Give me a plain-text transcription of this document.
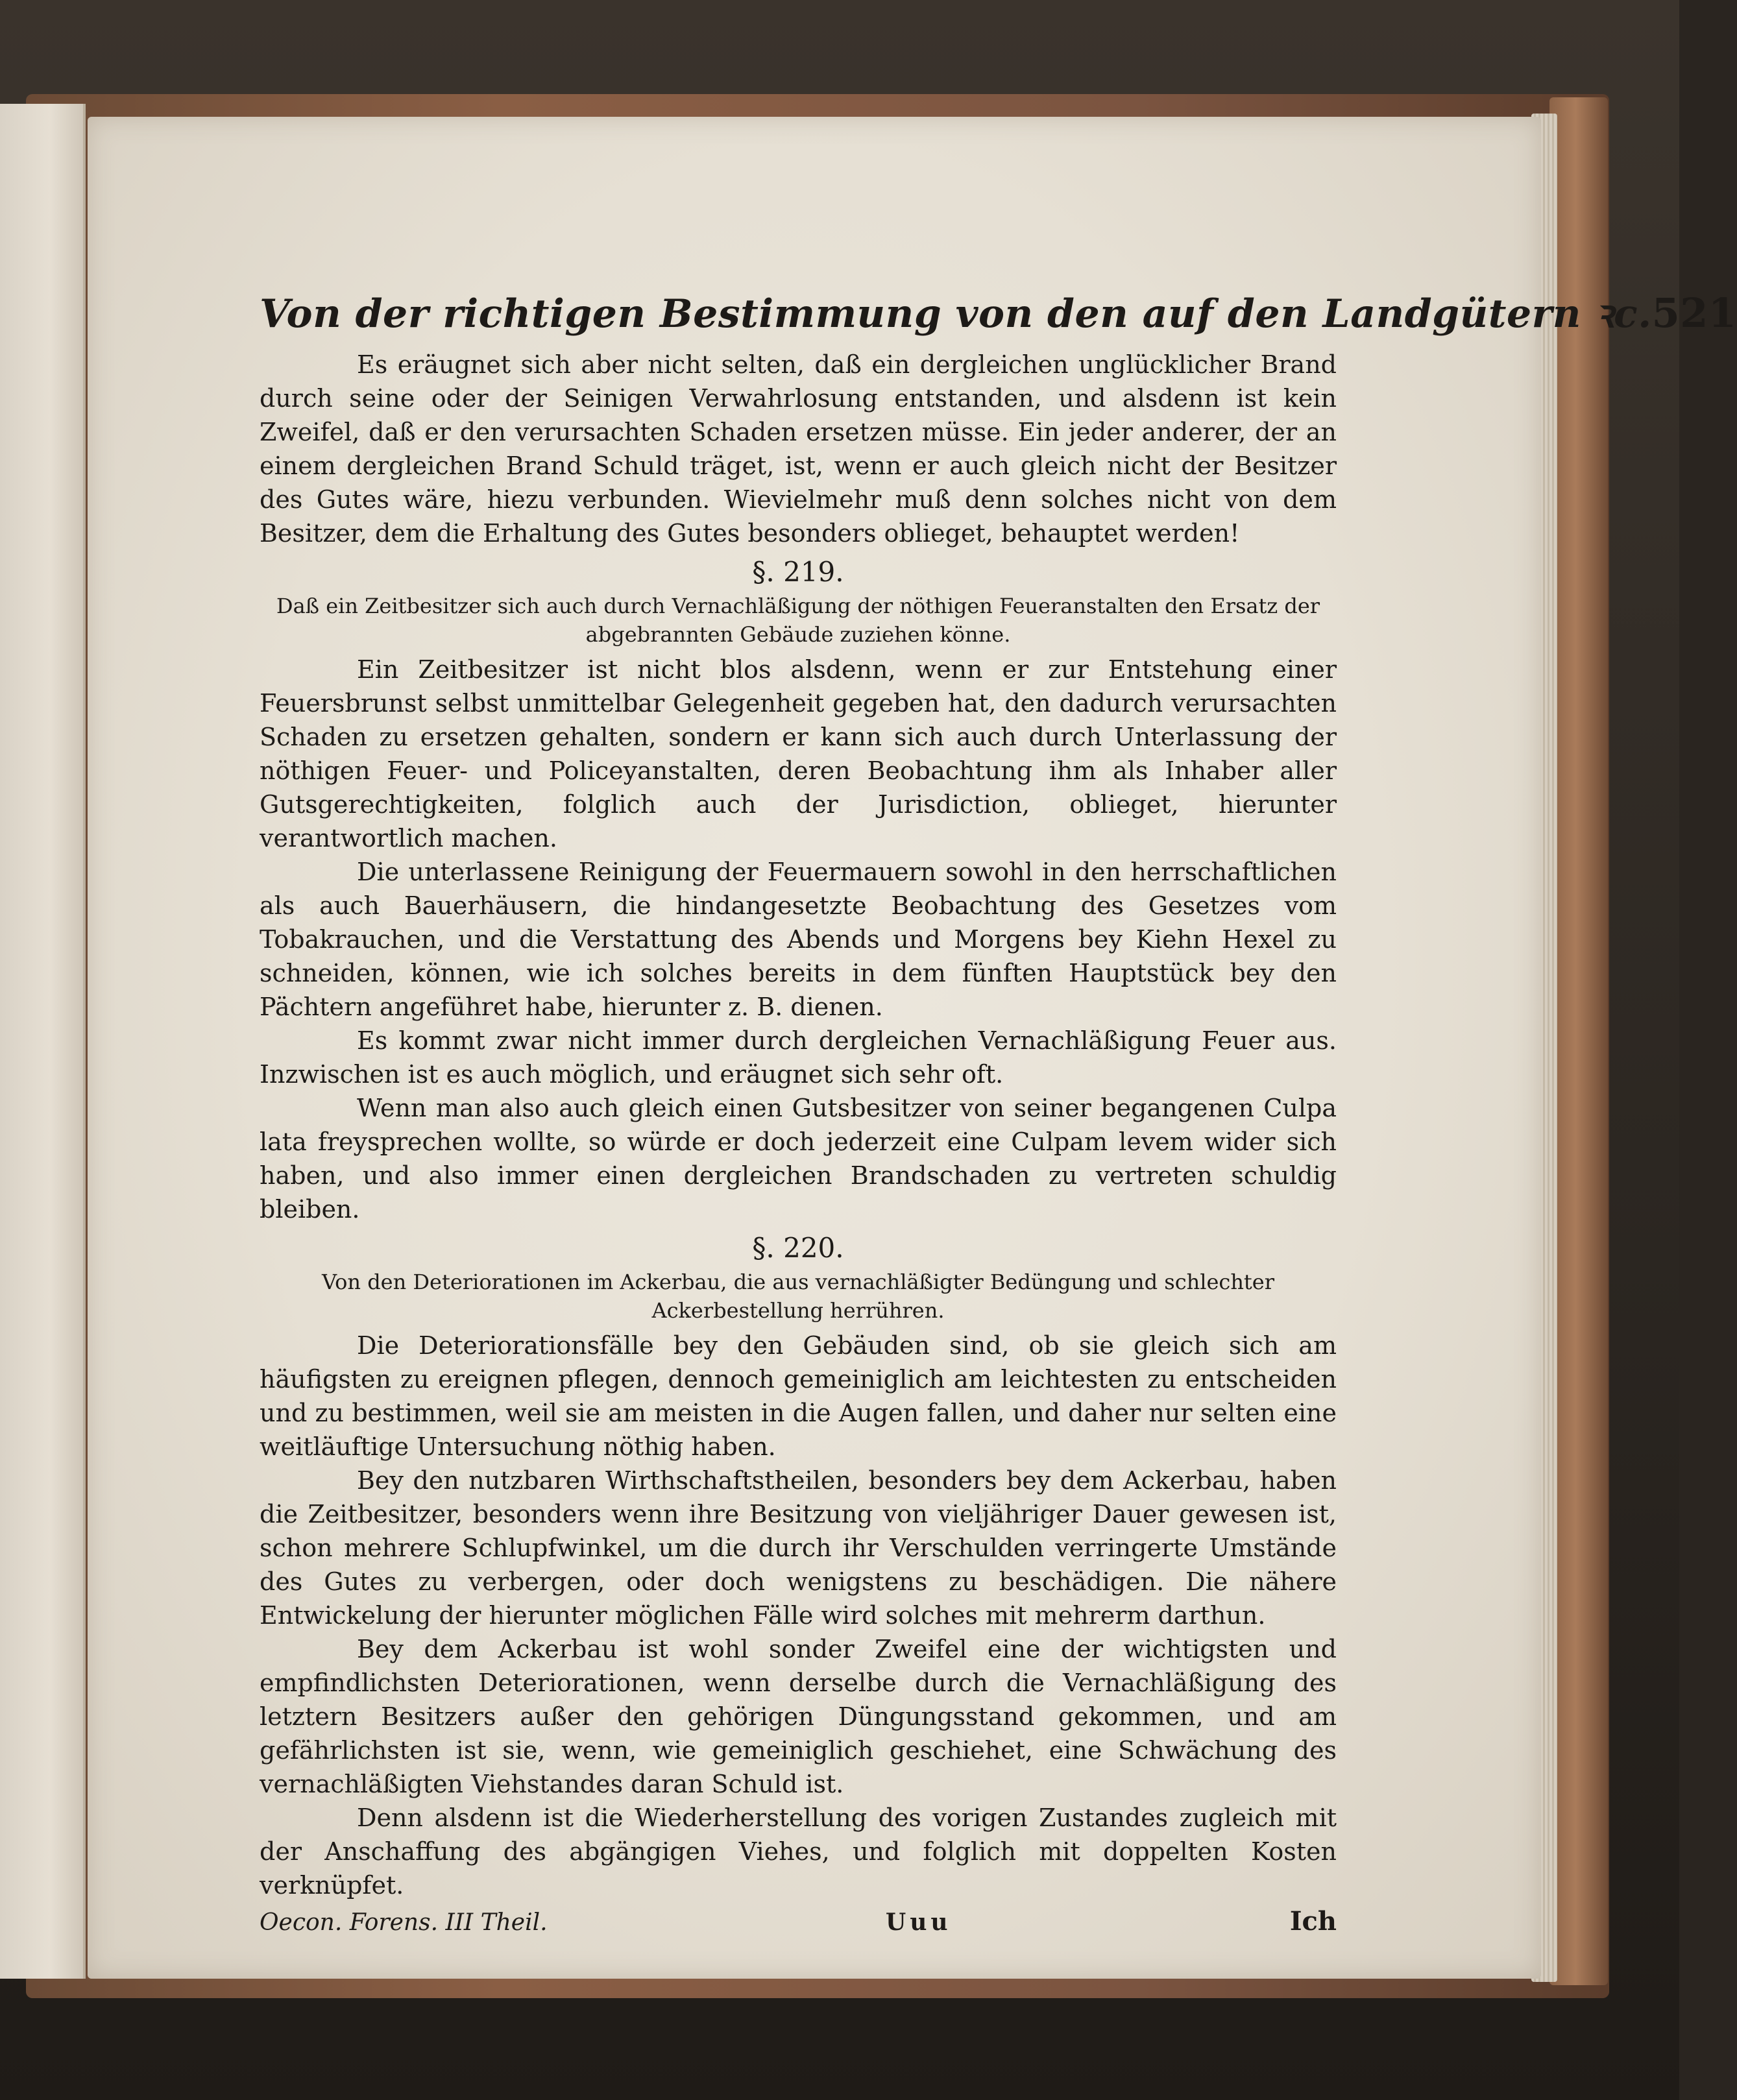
Von der richtigen Bestimmung von den auf den Landgütern ꝛc. 521

Es eräugnet sich aber nicht selten, daß ein dergleichen unglücklicher Brand durch seine oder der Seinigen Verwahrlosung entstanden, und alsdenn ist kein Zweifel, daß er den verursachten Schaden ersetzen müsse. Ein jeder anderer, der an einem dergleichen Brand Schuld träget, ist, wenn er auch gleich nicht der Besitzer des Gutes wäre, hiezu verbunden. Wievielmehr muß denn solches nicht von dem Besitzer, dem die Erhaltung des Gutes besonders oblieget, behauptet werden!

§. 219.
Daß ein Zeitbesitzer sich auch durch Vernachläßigung der nöthigen Feueranstalten den Ersatz der abgebrannten Gebäude zuziehen könne.

Ein Zeitbesitzer ist nicht blos alsdenn, wenn er zur Entstehung einer Feuersbrunst selbst unmittelbar Gelegenheit gegeben hat, den dadurch verursachten Schaden zu ersetzen gehalten, sondern er kann sich auch durch Unterlassung der nöthigen Feuer- und Policeyanstalten, deren Beobachtung ihm als Inhaber aller Gutsgerechtigkeiten, folglich auch der Jurisdiction, oblieget, hierunter verantwortlich machen.

Die unterlassene Reinigung der Feuermauern sowohl in den herrschaftlichen als auch Bauerhäusern, die hindangesetzte Beobachtung des Gesetzes vom Tobakrauchen, und die Verstattung des Abends und Morgens bey Kiehn Hexel zu schneiden, können, wie ich solches bereits in dem fünften Hauptstück bey den Pächtern angeführet habe, hierunter z. B. dienen.

Es kommt zwar nicht immer durch dergleichen Vernachläßigung Feuer aus. Inzwischen ist es auch möglich, und eräugnet sich sehr oft.

Wenn man also auch gleich einen Gutsbesitzer von seiner begangenen Culpa lata freysprechen wollte, so würde er doch jederzeit eine Culpam levem wider sich haben, und also immer einen dergleichen Brandschaden zu vertreten schuldig bleiben.

§. 220.
Von den Deteriorationen im Ackerbau, die aus vernachläßigter Bedüngung und schlechter Ackerbestellung herrühren.

Die Deteriorationsfälle bey den Gebäuden sind, ob sie gleich sich am häufigsten zu ereignen pflegen, dennoch gemeiniglich am leichtesten zu entscheiden und zu bestimmen, weil sie am meisten in die Augen fallen, und daher nur selten eine weitläuftige Untersuchung nöthig haben.

Bey den nutzbaren Wirthschaftstheilen, besonders bey dem Ackerbau, haben die Zeitbesitzer, besonders wenn ihre Besitzung von vieljähriger Dauer gewesen ist, schon mehrere Schlupfwinkel, um die durch ihr Verschulden verringerte Umstände des Gutes zu verbergen, oder doch wenigstens zu beschädigen. Die nähere Entwickelung der hierunter möglichen Fälle wird solches mit mehrerm darthun.

Bey dem Ackerbau ist wohl sonder Zweifel eine der wichtigsten und empfindlichsten Deteriorationen, wenn derselbe durch die Vernachläßigung des letztern Besitzers außer den gehörigen Düngungsstand gekommen, und am gefährlichsten ist sie, wenn, wie gemeiniglich geschiehet, eine Schwächung des vernachläßigten Viehstandes daran Schuld ist.

Denn alsdenn ist die Wiederherstellung des vorigen Zustandes zugleich mit der Anschaffung des abgängigen Viehes, und folglich mit doppelten Kosten verknüpfet.

Oecon. Forens. III Theil.	Uuu	Ich
